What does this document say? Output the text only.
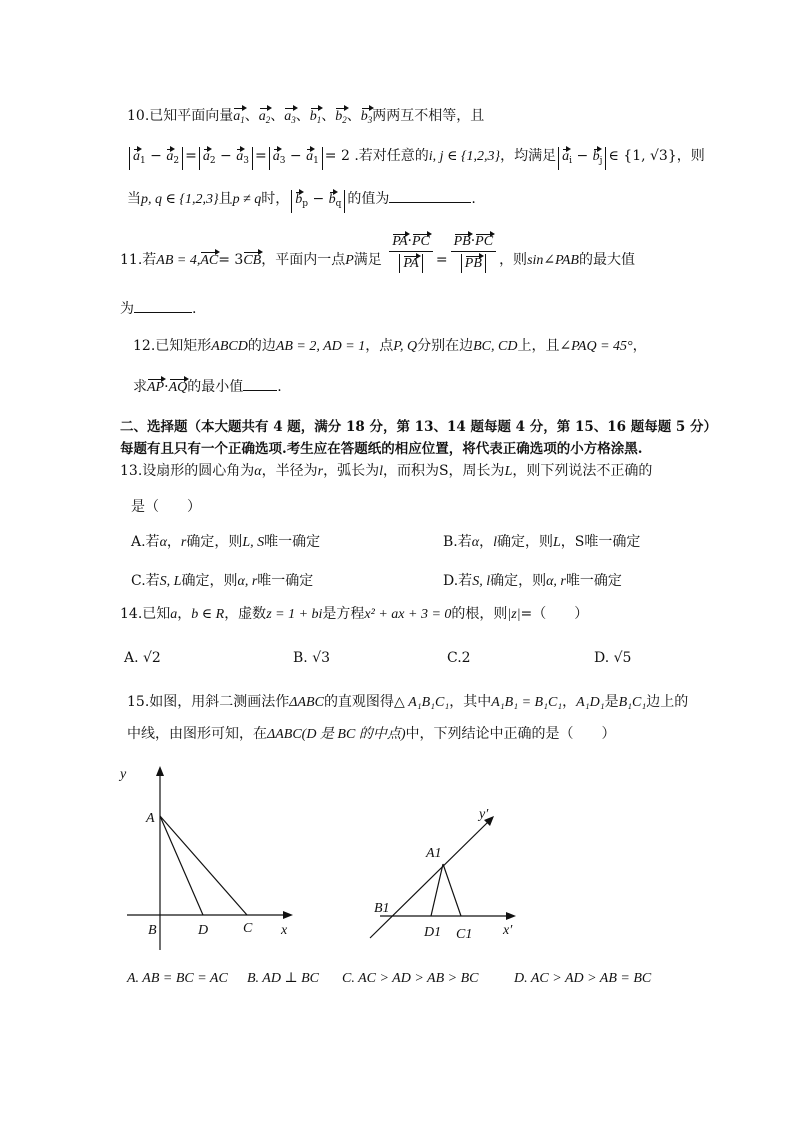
10.已知平面向量$a_1$、$a_2$、$a_3$、$b_1$、$b_2$、$b_3$两两互不相等，且
$a_1 - a_2 = a_2 - a_3 = a_3 - a_1 = 2$ .若对任意的i, j ∈ {1,2,3}，均满足 $a_i - b_j$ ∈ {1, √3}，则
当p, q ∈ {1,2,3}且p ≠ q时， $b_p - b_q$ 的值为	.
11.若AB = 4,AC= 3CB，平面内一点P满足 $\frac{PA\cdot PC}{PA} = \frac{PB\cdot PC}{PB}$ ，则sin∠PAB的最大值
为	.
12.已知矩形ABCD的边AB = 2, AD = 1，点P, Q分别在边BC, CD上，且∠PAQ = 45°，
求AP·AQ的最小值 .
二、选择题（本大题共有 4 题，满分 18 分，第 13、14 题每题 4 分，第 15、16 题每题 5 分）
每题有且只有一个正确选项.考生应在答题纸的相应位置，将代表正确选项的小方格涂黑.
13.设扇形的圆心角为α，半径为r，弧长为l，而积为S，周长为L，则下列说法不正确的
是（　　）
A.若α，r确定，则L, S唯一确定	B.若α，l确定，则L，S唯一确定
C.若S, L确定，则α, r唯一确定	D.若S, l确定，则α, r唯一确定
14.已知a，b ∈ R，虚数z = 1 + bi是方程x² + ax + 3 = 0的根，则|z|=（　　）
A. √2	B. √3	C.2	D. √5
15.如图，用斜二测画法作ΔABC的直观图得△ A₁B₁C₁，其中A₁B₁ = B₁C₁，A₁D₁是B₁C₁边上的
中线，由图形可知，在ΔABC(D 是 BC 的中点)中，下列结论中正确的是（　　）
y
A
B	D C x
y′
A1
B1
D1 C1 x′
A. AB = BC = AC B. AD ⊥ BC C. AC > AD > AB > BC	D. AC > AD > AB = BC
